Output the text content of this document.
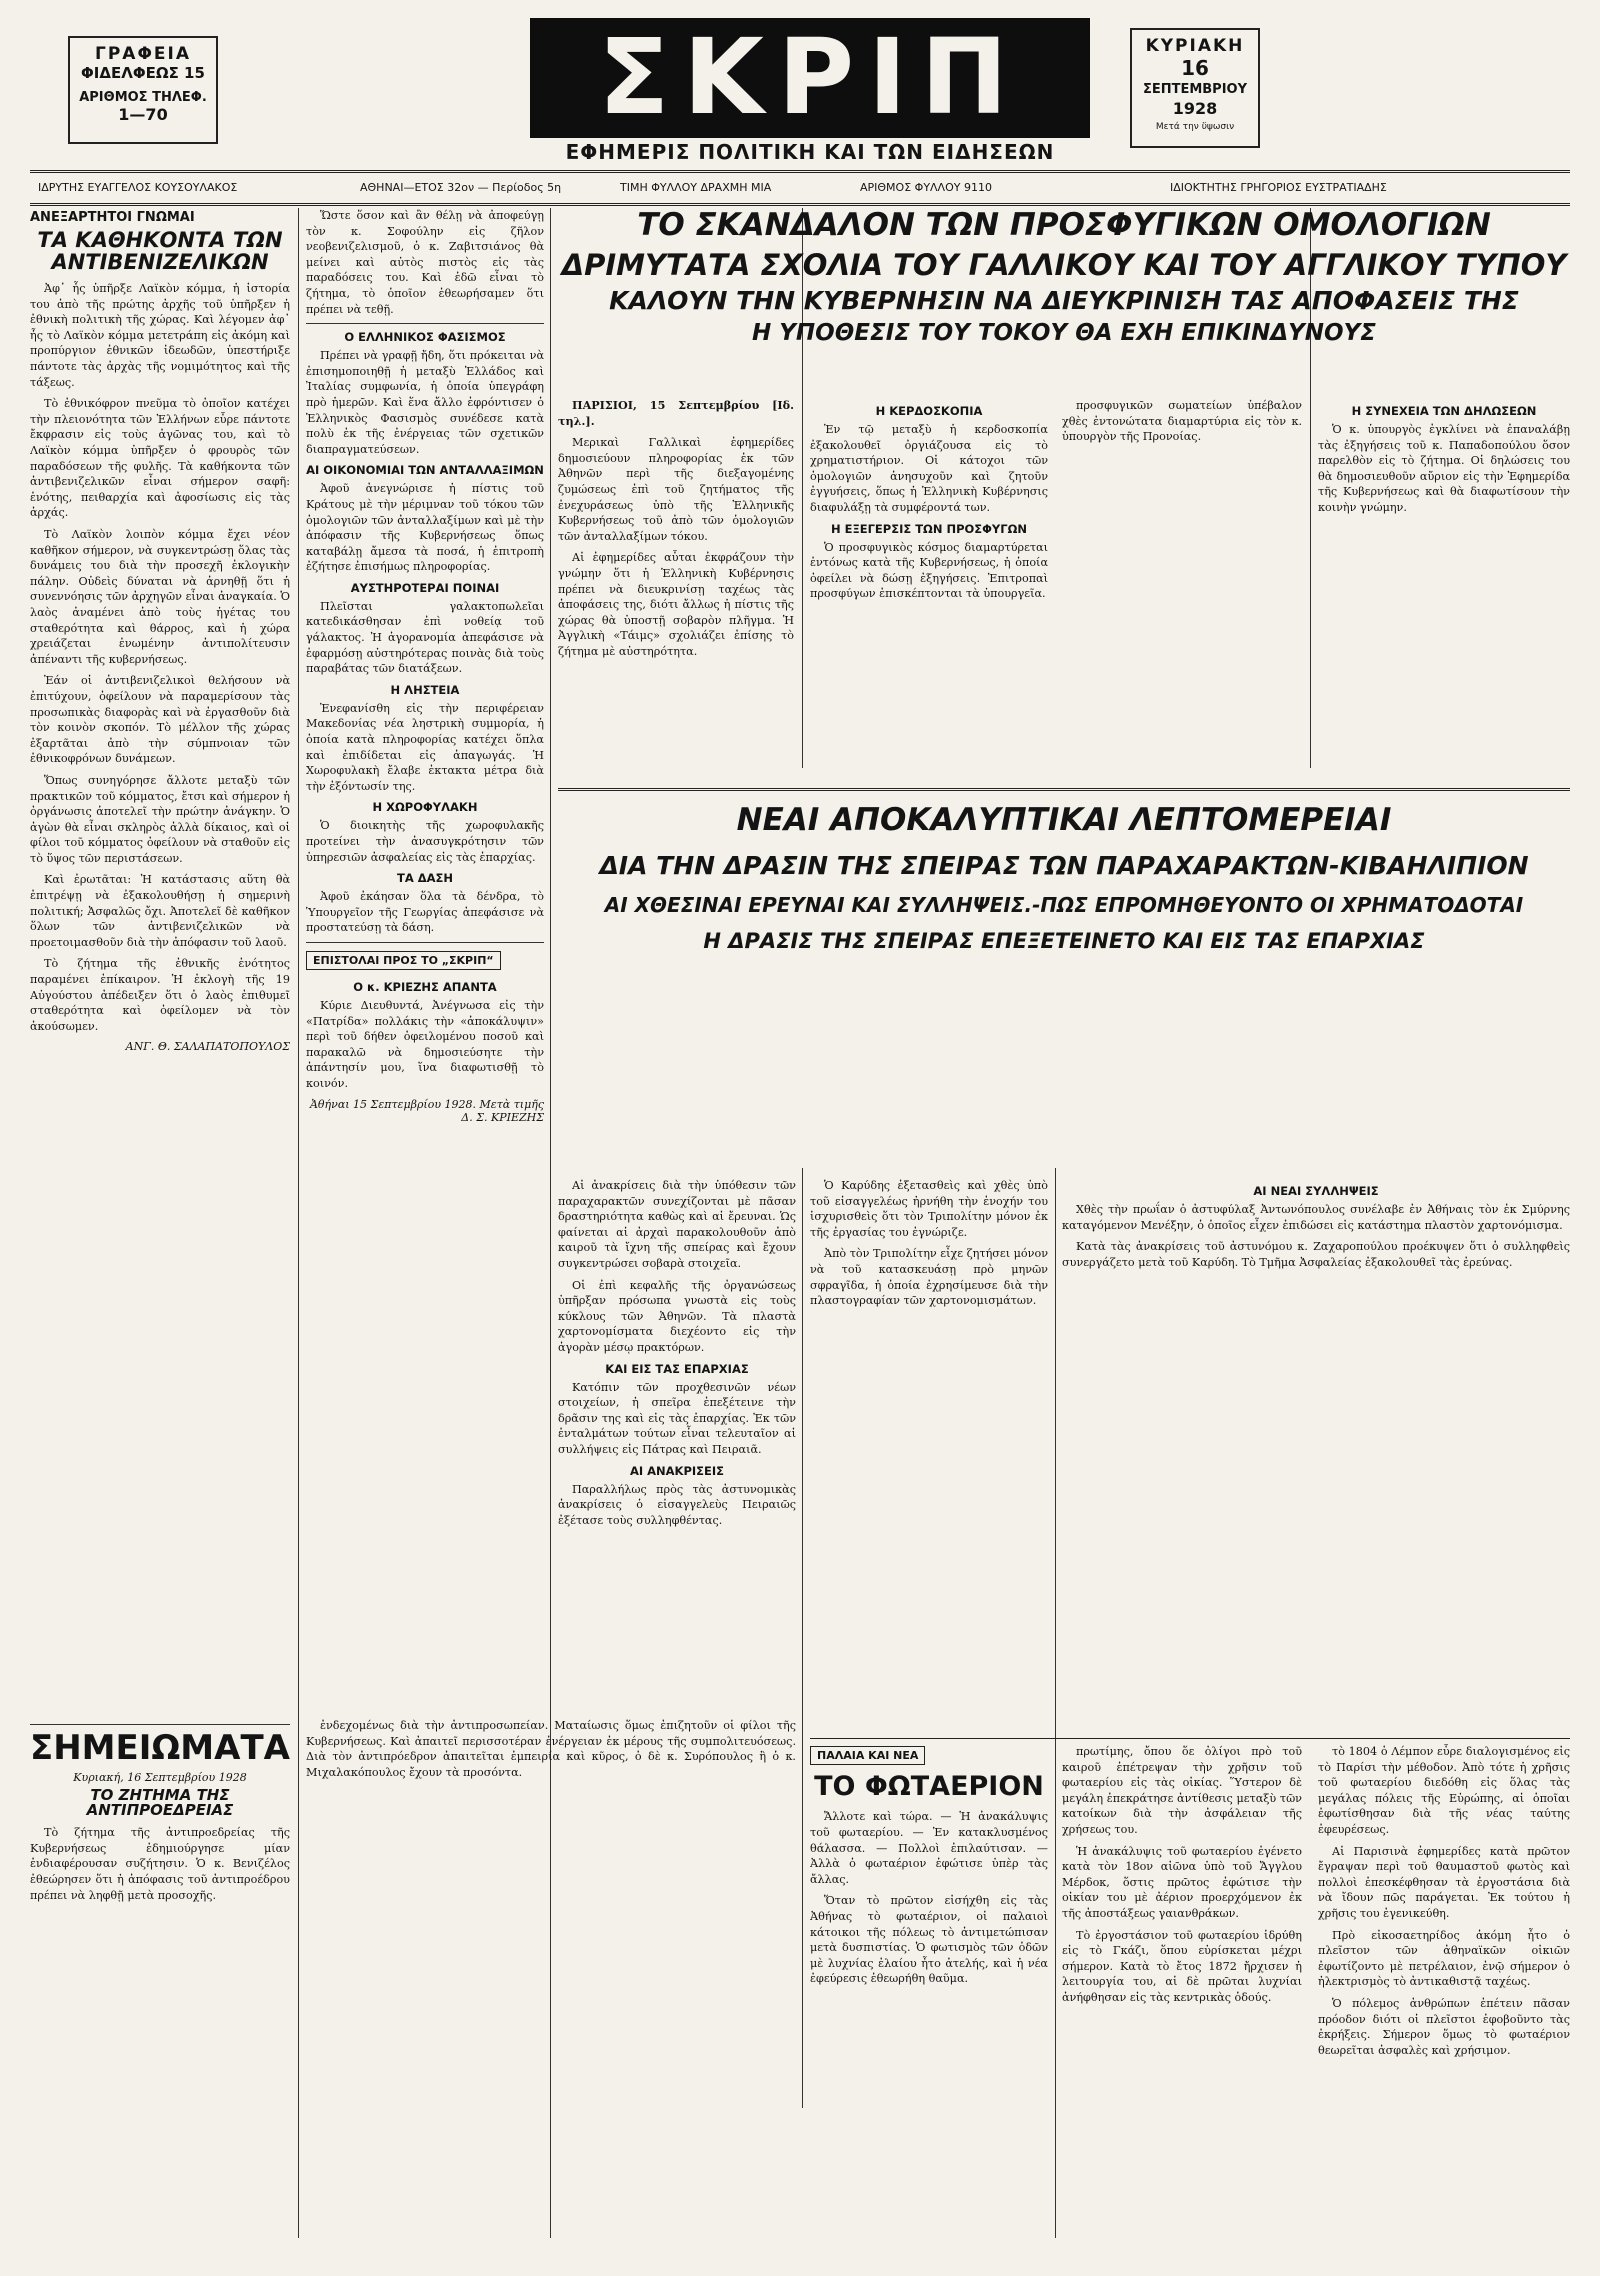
ΓΡΑΦΕΙΑ
ΦΙΔΕΛΦΕΩΣ 15
ΑΡΙΘΜΟΣ ΤΗΛΕΦ.
1—70	ΣΚΡΙΠ
ΕΦΗΜΕΡΙΣ ΠΟΛΙΤΙΚΗ ΚΑΙ ΤΩΝ ΕΙΔΗΣΕΩΝ
ΚΥΡΙΑΚΗ
16
ΣΕΠΤΕΜΒΡΙΟΥ
1928
Μετά την ὕψωσιν
ΙΔΡΥΤΗΣ ΕΥΑΓΓΕΛΟΣ ΚΟΥΣΟΥΛΑΚΟΣ	ΑΘΗΝΑΙ—ΕΤΟΣ 32ον — Περίοδος 5η	ΤΙΜΗ ΦΥΛΛΟΥ ΔΡΑΧΜΗ ΜΙΑ	ΑΡΙΘΜΟΣ ΦΥΛΛΟΥ 9110	ΙΔΙΟΚΤΗΤΗΣ ΓΡΗΓΟΡΙΟΣ ΕΥΣΤΡΑΤΙΑΔΗΣ
ΑΝΕΞΑΡΤΗΤΟΙ ΓΝΩΜΑΙ
ΤΑ ΚΑΘΗΚΟΝΤΑ ΤΩΝ ΑΝΤΙΒΕΝΙΖΕΛΙΚΩΝ

Ἀφ᾽ ἧς ὑπῆρξε Λαϊκὸν κόμμα, ἡ ἱστορία του ἀπὸ τῆς πρώτης ἀρχῆς τοῦ ὑπῆρξεν ἡ ἐθνικὴ πολιτικὴ τῆς χώρας. Καὶ λέγομεν ἀφ᾽ ἧς τὸ Λαϊκὸν κόμμα μετετράπη εἰς ἀκόμη καὶ προπύργιον ἐθνικῶν ἰδεωδῶν, ὑπεστήριξε πάντοτε τὰς ἀρχὰς τῆς νομιμότητος καὶ τῆς τάξεως.

Τὸ ἐθνικόφρον πνεῦμα τὸ ὁποῖον κατέχει τὴν πλειονότητα τῶν Ἑλλήνων εὗρε πάντοτε ἔκφρασιν εἰς τοὺς ἀγῶνας του, καὶ τὸ Λαϊκὸν κόμμα ὑπῆρξεν ὁ φρουρὸς τῶν παραδόσεων τῆς φυλῆς. Τὰ καθήκοντα τῶν ἀντιβενιζελικῶν εἶναι σήμερον σαφῆ: ἑνότης, πειθαρχία καὶ ἀφοσίωσις εἰς τὰς ἀρχάς.

Τὸ Λαϊκὸν λοιπὸν κόμμα ἔχει νέον καθῆκον σήμερον, νὰ συγκεντρώσῃ ὅλας τὰς δυνάμεις του διὰ τὴν προσεχῆ ἐκλογικὴν πάλην. Οὐδεὶς δύναται νὰ ἀρνηθῇ ὅτι ἡ συνεννόησις τῶν ἀρχηγῶν εἶναι ἀναγκαία. Ὁ λαὸς ἀναμένει ἀπὸ τοὺς ἡγέτας του σταθερότητα καὶ θάρρος, καὶ ἡ χώρα χρειάζεται ἐνωμένην ἀντιπολίτευσιν ἀπέναντι τῆς κυβερνήσεως.

Ἐάν οἱ ἀντιβενιζελικοὶ θελήσουν νὰ ἐπιτύχουν, ὀφείλουν νὰ παραμερίσουν τὰς προσωπικὰς διαφορὰς καὶ νὰ ἐργασθοῦν διὰ τὸν κοινὸν σκοπόν. Τὸ μέλλον τῆς χώρας ἐξαρτᾶται ἀπὸ τὴν σύμπνοιαν τῶν ἐθνικοφρόνων δυνάμεων.

Ὅπως συνηγόρησε ἄλλοτε μεταξὺ τῶν πρακτικῶν τοῦ κόμματος, ἔτσι καὶ σήμερον ἡ ὀργάνωσις ἀποτελεῖ τὴν πρώτην ἀνάγκην. Ὁ ἀγὼν θὰ εἶναι σκληρὸς ἀλλὰ δίκαιος, καὶ οἱ φίλοι τοῦ κόμματος ὀφείλουν νὰ σταθοῦν εἰς τὸ ὕψος τῶν περιστάσεων.

Καὶ ἐρωτᾶται: Ἡ κατάστασις αὕτη θὰ ἐπιτρέψῃ νὰ ἐξακολουθήσῃ ἡ σημερινὴ πολιτική; Ἀσφαλῶς ὄχι. Ἀποτελεῖ δὲ καθῆκον ὅλων τῶν ἀντιβενιζελικῶν νὰ προετοιμασθοῦν διὰ τὴν ἀπόφασιν τοῦ λαοῦ.

Τὸ ζήτημα τῆς ἐθνικῆς ἑνότητος παραμένει ἐπίκαιρον. Ἡ ἐκλογὴ τῆς 19 Αὐγούστου ἀπέδειξεν ὅτι ὁ λαὸς ἐπιθυμεῖ σταθερότητα καὶ ὀφείλομεν νὰ τὸν ἀκούσωμεν.

ΑΝΓ. Θ. ΣΑΛΑΠΑΤΟΠΟΥΛΟΣ
ΣΗΜΕΙΩΜΑΤΑ
Κυριακή, 16 Σεπτεμβρίου 1928
ΤΟ ΖΗΤΗΜΑ ΤΗΣ ΑΝΤΙΠΡΟΕΔΡΕΙΑΣ

Τὸ ζήτημα τῆς ἀντιπροεδρείας τῆς Κυβερνήσεως ἐδημιούργησε μίαν ἐνδιαφέρουσαν συζήτησιν. Ὁ κ. Βενιζέλος ἐθεώρησεν ὅτι ἡ ἀπόφασις τοῦ ἀντιπροέδρου πρέπει νὰ ληφθῇ μετὰ προσοχῆς.

ἐνδεχομένως διὰ τὴν ἀντιπροσωπείαν. Ματαίωσις ὅμως ἐπιζητοῦν οἱ φίλοι τῆς Κυβερνήσεως. Καὶ ἀπαιτεῖ περισσοτέραν ἐνέργειαν ἐκ μέρους τῆς συμπολιτευόσεως. Διὰ τὸν ἀντιπρόεδρον ἀπαιτεῖται ἐμπειρία καὶ κῦρος, ὁ δὲ κ. Συρόπουλος ἢ ὁ κ. Μιχαλακόπουλος ἔχουν τὰ προσόντα.

Ὥστε ὅσον καὶ ἂν θέλῃ νὰ ἀποφεύγῃ τὸν κ. Σοφούλην εἰς ζῆλον νεοβενιζελισμοῦ, ὁ κ. Ζαβιτσιάνος θὰ μείνει καὶ αὐτὸς πιστὸς εἰς τὰς παραδόσεις του. Καὶ ἐδῶ εἶναι τὸ ζήτημα, τὸ ὁποῖον ἐθεωρήσαμεν ὅτι πρέπει νὰ τεθῇ.

Ο ΕΛΛΗΝΙΚΟΣ ΦΑΣΙΣΜΟΣ

Πρέπει νὰ γραφῇ ἤδη, ὅτι πρόκειται νὰ ἐπισημοποιηθῇ ἡ μεταξὺ Ἑλλάδος καὶ Ἰταλίας συμφωνία, ἡ ὁποία ὑπεγράφη πρὸ ἡμερῶν. Καὶ ἕνα ἄλλο ἐφρόντισεν ὁ Ἑλληνικὸς Φασισμὸς συνέδεσε κατὰ πολὺ ἐκ τῆς ἐνέργειας τῶν σχετικῶν διαπραγματεύσεων.

ΑΙ ΟΙΚΟΝΟΜΙΑΙ ΤΩΝ ΑΝΤΑΛΛΑΞΙΜΩΝ

Ἀφοῦ ἀνεγνώρισε ἡ πίστις τοῦ Κράτους μὲ τὴν μέριμναν τοῦ τόκου τῶν ὁμολογιῶν τῶν ἀνταλλαξίμων καὶ μὲ τὴν ἀπόφασιν τῆς Κυβερνήσεως ὅπως καταβάλῃ ἄμεσα τὰ ποσά, ἡ ἐπιτροπὴ ἐζήτησε ἐπισήμως πληροφορίας.

ΑΥΣΤΗΡΟΤΕΡΑΙ ΠΟΙΝΑΙ

Πλεῖσται γαλακτοπωλεῖαι κατεδικάσθησαν ἐπὶ νοθείᾳ τοῦ γάλακτος. Ἡ ἀγορανομία ἀπεφάσισε νὰ ἐφαρμόσῃ αὐστηρότερας ποινὰς διὰ τοὺς παραβάτας τῶν διατάξεων.

Η ΛΗΣΤΕΙΑ

Ἐνεφανίσθη εἰς τὴν περιφέρειαν Μακεδονίας νέα ληστρικὴ συμμορία, ἡ ὁποία κατὰ πληροφορίας κατέχει ὅπλα καὶ ἐπιδίδεται εἰς ἀπαγωγάς. Ἡ Χωροφυλακὴ ἔλαβε ἐκτακτα μέτρα διὰ τὴν ἐξόντωσίν της.

Η ΧΩΡΟΦΥΛΑΚΗ

Ὁ διοικητὴς τῆς χωροφυλακῆς προτείνει τὴν ἀνασυγκρότησιν τῶν ὑπηρεσιῶν ἀσφαλείας εἰς τὰς ἐπαρχίας.

ΤΑ ΔΑΣΗ

Ἀφοῦ ἐκάησαν ὅλα τὰ δένδρα, τὸ Ὑπουργεῖον τῆς Γεωργίας ἀπεφάσισε νὰ προστατεύσῃ τὰ δάση.

ΕΠΙΣΤΟΛΑΙ ΠΡΟΣ ΤΟ „ΣΚΡΙΠ“
Ο κ. ΚΡΙΕΖΗΣ ΑΠΑΝΤΑ

Κύριε Διευθυντά, Ἀνέγνωσα εἰς τὴν «Πατρίδα» πολλάκις τὴν «ἀποκάλυψιν» περὶ τοῦ δήθεν ὀφειλομένου ποσοῦ καὶ παρακαλῶ νὰ δημοσιεύσητε τὴν ἀπάντησίν μου, ἵνα διαφωτισθῇ τὸ κοινόν.

Ἀθήναι 15 Σεπτεμβρίου 1928. Μετὰ τιμῆς Δ. Σ. ΚΡΙΕΖΗΣ
ΤΟ ΣΚΑΝΔΑΛΟΝ ΤΩΝ ΠΡΟΣΦΥΓΙΚΩΝ ΟΜΟΛΟΓΙΩΝ
ΔΡΙΜΥΤΑΤΑ ΣΧΟΛΙΑ ΤΟΥ ΓΑΛΛΙΚΟΥ ΚΑΙ ΤΟΥ ΑΓΓΛΙΚΟΥ ΤΥΠΟΥ
ΚΑΛΟΥΝ ΤΗΝ ΚΥΒΕΡΝΗΣΙΝ ΝΑ ΔΙΕΥΚΡΙΝΙΣΗ ΤΑΣ ΑΠΟΦΑΣΕΙΣ ΤΗΣ
Η ΥΠΟΘΕΣΙΣ ΤΟΥ ΤΟΚΟΥ ΘΑ ΕΧΗ ΕΠΙΚΙΝΔΥΝΟΥΣ

ΠΑΡΙΣΙΟΙ, 15 Σεπτεμβρίου [Ιδ. τηλ.].

Μερικαὶ Γαλλικαὶ ἐφημερίδες δημοσιεύουν πληροφορίας ἐκ τῶν Ἀθηνῶν περὶ τῆς διεξαγομένης ζυμώσεως ἐπὶ τοῦ ζητήματος τῆς ἐνεχυράσεως ὑπὸ τῆς Ἑλληνικῆς Κυβερνήσεως τοῦ ἀπὸ τῶν ὁμολογιῶν τῶν ἀνταλλαξίμων τόκου.

Αἱ ἐφημερίδες αὗται ἐκφράζουν τὴν γνώμην ὅτι ἡ Ἑλληνικὴ Κυβέρνησις πρέπει νὰ διευκρινίσῃ ταχέως τὰς ἀποφάσεις της, διότι ἄλλως ἡ πίστις τῆς χώρας θὰ ὑποστῇ σοβαρὸν πλῆγμα. Ἡ Ἀγγλικὴ «Τάιμς» σχολιάζει ἐπίσης τὸ ζήτημα μὲ αὐστηρότητα.

Η ΚΕΡΔΟΣΚΟΠΙΑ

Ἐν τῷ μεταξὺ ἡ κερδοσκοπία ἐξακολουθεῖ ὀργιάζουσα εἰς τὸ χρηματιστήριον. Οἱ κάτοχοι τῶν ὁμολογιῶν ἀνησυχοῦν καὶ ζητοῦν ἐγγυήσεις, ὅπως ἡ Ἑλληνικὴ Κυβέρνησις διαφυλάξῃ τὰ συμφέροντά των.

Η ΕΞΕΓΕΡΣΙΣ ΤΩΝ ΠΡΟΣΦΥΓΩΝ

Ὁ προσφυγικὸς κόσμος διαμαρτύρεται ἐντόνως κατὰ τῆς Κυβερνήσεως, ἡ ὁποία ὀφείλει νὰ δώσῃ ἐξηγήσεις. Ἐπιτροπαὶ προσφύγων ἐπισκέπτονται τὰ ὑπουργεῖα.

προσφυγικῶν σωματείων ὑπέβαλον χθὲς ἐντονώτατα διαμαρτύρια εἰς τὸν κ. ὑπουργὸν τῆς Προνοίας.

Η ΣΥΝΕΧΕΙΑ ΤΩΝ ΔΗΛΩΣΕΩΝ

Ὁ κ. ὑπουργὸς ἐγκλίνει νὰ ἐπαναλάβῃ τὰς ἐξηγήσεις τοῦ κ. Παπαδοπούλου ὅσον παρελθὸν εἰς τὸ ζήτημα. Οἱ δηλώσεις του θὰ δημοσιευθοῦν αὔριον εἰς τὴν Ἐφημερίδα τῆς Κυβερνήσεως καὶ θὰ διαφωτίσουν τὴν κοινὴν γνώμην.

ΝΕΑΙ ΑΠΟΚΑΛΥΠΤΙΚΑΙ ΛΕΠΤΟΜΕΡΕΙΑΙ
ΔΙΑ ΤΗΝ ΔΡΑΣΙΝ ΤΗΣ ΣΠΕΙΡΑΣ ΤΩΝ ΠΑΡΑΧΑΡΑΚΤΩΝ-ΚΙΒΑΗΛΙΠΙΟΝ
ΑΙ ΧΘΕΣΙΝΑΙ ΕΡΕΥΝΑΙ ΚΑΙ ΣΥΛΛΗΨΕΙΣ.-ΠΩΣ ΕΠΡΟΜΗΘΕΥΟΝΤΟ ΟΙ ΧΡΗΜΑΤΟΔΟΤΑΙ
Η ΔΡΑΣΙΣ ΤΗΣ ΣΠΕΙΡΑΣ ΕΠΕΞΕΤΕΙΝΕΤΟ ΚΑΙ ΕΙΣ ΤΑΣ ΕΠΑΡΧΙΑΣ

Αἱ ἀνακρίσεις διὰ τὴν ὑπόθεσιν τῶν παραχαρακτῶν συνεχίζονται μὲ πᾶσαν δραστηριότητα καθὼς καὶ αἱ ἔρευναι. Ὡς φαίνεται αἱ ἀρχαὶ παρακολουθοῦν ἀπὸ καιροῦ τὰ ἴχνη τῆς σπείρας καὶ ἔχουν συγκεντρώσει σοβαρὰ στοιχεῖα.

Οἱ ἐπὶ κεφαλῆς τῆς ὀργανώσεως ὑπῆρξαν πρόσωπα γνωστὰ εἰς τοὺς κύκλους τῶν Ἀθηνῶν. Τὰ πλαστὰ χαρτονομίσματα διεχέοντο εἰς τὴν ἀγορὰν μέσῳ πρακτόρων.

ΚΑΙ ΕΙΣ ΤΑΣ ΕΠΑΡΧΙΑΣ

Κατόπιν τῶν προχθεσινῶν νέων στοιχείων, ἡ σπεῖρα ἐπεξέτεινε τὴν δρᾶσιν της καὶ εἰς τὰς ἐπαρχίας. Ἐκ τῶν ἐνταλμάτων τούτων εἶναι τελευταῖον αἱ συλλήψεις εἰς Πάτρας καὶ Πειραιᾶ.

ΑΙ ΑΝΑΚΡΙΣΕΙΣ

Παραλλήλως πρὸς τὰς ἀστυνομικὰς ἀνακρίσεις ὁ εἰσαγγελεὺς Πειραιῶς ἐξέτασε τοὺς συλληφθέντας.

Ὁ Καρύδης ἐξετασθεὶς καὶ χθὲς ὑπὸ τοῦ εἰσαγγελέως ἠρνήθη τὴν ἐνοχήν του ἰσχυρισθεὶς ὅτι τὸν Τριπολίτην μόνον ἐκ τῆς ἐργασίας του ἐγνώριζε.

Ἀπὸ τὸν Τριπολίτην εἶχε ζητήσει μόνον νὰ τοῦ κατασκευάσῃ πρὸ μηνῶν σφραγῖδα, ἡ ὁποία ἐχρησίμευσε διὰ τὴν πλαστογραφίαν τῶν χαρτονομισμάτων.

ΑΙ ΝΕΑΙ ΣΥΛΛΗΨΕΙΣ

Χθὲς τὴν πρωΐαν ὁ ἀστυφύλαξ Ἀντωνόπουλος συνέλαβε ἐν Ἀθήναις τὸν ἐκ Σμύρνης καταγόμενον Μενέξην, ὁ ὁποῖος εἶχεν ἐπιδώσει εἰς κατάστημα πλαστὸν χαρτονόμισμα.

Κατὰ τὰς ἀνακρίσεις τοῦ ἀστυνόμου κ. Ζαχαροπούλου προέκυψεν ὅτι ὁ συλληφθεὶς συνεργάζετο μετὰ τοῦ Καρύδη. Τὸ Τμῆμα Ἀσφαλείας ἐξακολουθεῖ τὰς ἐρεύνας.

ΠΑΛΑΙΑ ΚΑΙ ΝΕΑ
ΤΟ ΦΩΤΑΕΡΙΟΝ

Ἄλλοτε καὶ τώρα. — Ἡ ἀνακάλυψις τοῦ φωταερίου. — Ἐν κατακλυσμένος θάλασσα. — Πολλοὶ ἐπιλαύτισαν. — Ἀλλὰ ὁ φωταέριον ἐφώτισε ὑπὲρ τὰς ἄλλας.

Ὅταν τὸ πρῶτον εἰσήχθη εἰς τὰς Ἀθήνας τὸ φωταέριον, οἱ παλαιοὶ κάτοικοι τῆς πόλεως τὸ ἀντιμετώπισαν μετὰ δυσπιστίας. Ὁ φωτισμὸς τῶν ὁδῶν μὲ λυχνίας ἐλαίου ἦτο ἀτελής, καὶ ἡ νέα ἐφεύρεσις ἐθεωρήθη θαῦμα.

πρωτίμης, ὄπου ὅε ὀλίγοι πρὸ τοῦ καιροῦ ἐπέτρεψαν τὴν χρῆσιν τοῦ φωταερίου εἰς τὰς οἰκίας. Ὕστερον δὲ μεγάλη ἐπεκράτησε ἀντίθεσις μεταξὺ τῶν κατοίκων διὰ τὴν ἀσφάλειαν τῆς χρήσεως του.

Ἡ ἀνακάλυψις τοῦ φωταερίου ἐγένετο κατὰ τὸν 18ον αἰῶνα ὑπὸ τοῦ Ἄγγλου Μέρδοκ, ὅστις πρῶτος ἐφώτισε τὴν οἰκίαν του μὲ ἀέριον προερχόμενον ἐκ τῆς ἀποστάξεως γαιανθράκων.

Τὸ ἐργοστάσιον τοῦ φωταερίου ἱδρύθη εἰς τὸ Γκάζι, ὅπου εὑρίσκεται μέχρι σήμερον. Κατὰ τὸ ἔτος 1872 ἤρχισεν ἡ λειτουργία του, αἱ δὲ πρῶται λυχνίαι ἀνήφθησαν εἰς τὰς κεντρικὰς ὁδούς.

τὸ 1804 ὁ Λέμπον εὗρε διαλογισμένος εἰς τὸ Παρίσι τὴν μέθοδον. Ἀπὸ τότε ἡ χρῆσις τοῦ φωταερίου διεδόθη εἰς ὅλας τὰς μεγάλας πόλεις τῆς Εὐρώπης, αἱ ὁποῖαι ἐφωτίσθησαν διὰ τῆς νέας ταύτης ἐφευρέσεως.

Αἱ Παρισινὰ ἐφημερίδες κατὰ πρῶτον ἔγραψαν περὶ τοῦ θαυμαστοῦ φωτὸς καὶ πολλοὶ ἐπεσκέφθησαν τὰ ἐργοστάσια διὰ νὰ ἴδουν πῶς παράγεται. Ἐκ τούτου ἡ χρῆσις του ἐγενικεύθη.

Πρὸ εἰκοσαετηρίδος ἀκόμη ἦτο ὁ πλεῖστον τῶν ἀθηναϊκῶν οἰκιῶν ἐφωτίζοντο μὲ πετρέλαιον, ἐνῷ σήμερον ὁ ἠλεκτρισμὸς τὸ ἀντικαθιστᾷ ταχέως.

Ὁ πόλεμος ἀνθρώπων ἐπέτειν πᾶσαν πρόοδον διότι οἱ πλεῖστοι ἐφοβοῦντο τὰς ἐκρήξεις. Σήμερον ὅμως τὸ φωταέριον θεωρεῖται ἀσφαλὲς καὶ χρήσιμον.
